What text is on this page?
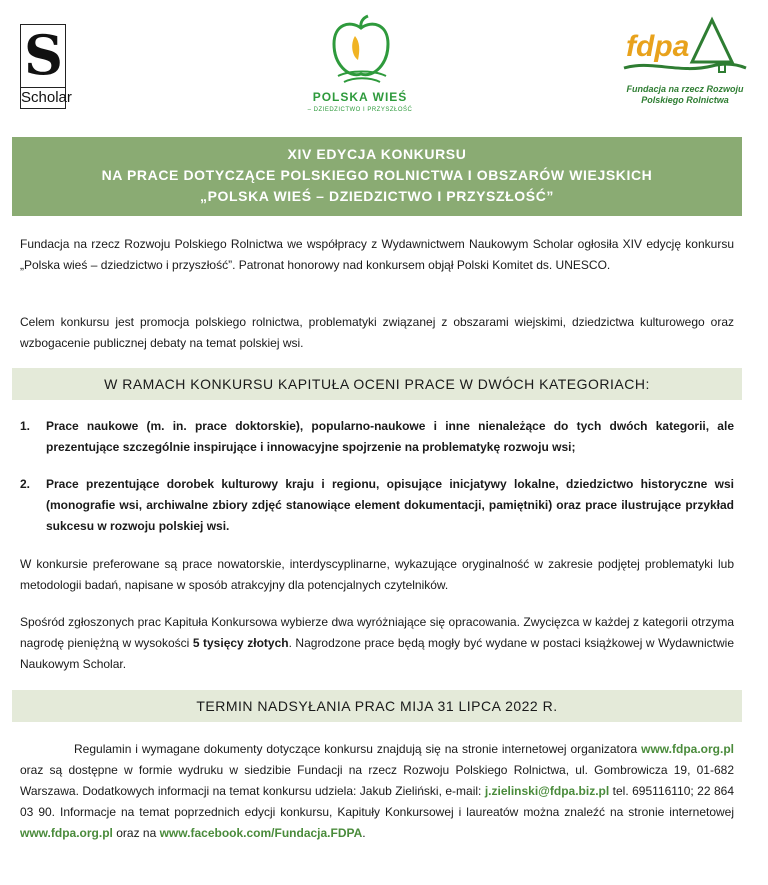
S
Scholar	POLSKA WIEŚ
– DZIEDZICTWO I PRZYSZŁOŚĆ
fdpa
Fundacja na rzecz Rozwoju
Polskiego Rolnictwa
XIV EDYCJA KONKURSU
NA PRACE DOTYCZĄCE POLSKIEGO ROLNICTWA I OBSZARÓW WIEJSKICH
„POLSKA WIEŚ – DZIEDZICTWO I PRZYSZŁOŚĆ”
Fundacja na rzecz Rozwoju Polskiego Rolnictwa we współpracy z Wydawnictwem Naukowym Scholar ogłosiła XIV edycję konkursu „Polska wieś – dziedzictwo i przyszłość”. Patronat honorowy nad konkursem objął Polski Komitet ds. UNESCO.
Celem konkursu jest promocja polskiego rolnictwa, problematyki związanej z obszarami wiejskimi, dziedzictwa kulturowego oraz wzbogacenie publicznej debaty na temat polskiej wsi.
W RAMACH KONKURSU KAPITUŁA OCENI PRACE W DWÓCH KATEGORIACH:
1.	Prace naukowe (m. in. prace doktorskie), popularno-naukowe i inne nienależące do tych dwóch kategorii, ale prezentujące szczególnie inspirujące i innowacyjne spojrzenie na problematykę rozwoju wsi;
2.	Prace prezentujące dorobek kulturowy kraju i regionu, opisujące inicjatywy lokalne, dziedzictwo historyczne wsi (monografie wsi, archiwalne zbiory zdjęć stanowiące element dokumentacji, pamiętniki) oraz prace ilustrujące przykład sukcesu w rozwoju polskiej wsi.
W konkursie preferowane są prace nowatorskie, interdyscyplinarne, wykazujące oryginalność w zakresie podjętej problematyki lub metodologii badań, napisane w sposób atrakcyjny dla potencjalnych czytelników.
Spośród zgłoszonych prac Kapituła Konkursowa wybierze dwa wyróżniające się opracowania. Zwycięzca w każdej z kategorii otrzyma nagrodę pieniężną w wysokości 5 tysięcy złotych. Nagrodzone prace będą mogły być wydane w postaci książkowej w Wydawnictwie Naukowym Scholar.
TERMIN NADSYŁANIA PRAC MIJA 31 LIPCA 2022 R.
Regulamin i wymagane dokumenty dotyczące konkursu znajdują się na stronie internetowej organizatora www.fdpa.org.pl oraz są dostępne w formie wydruku w siedzibie Fundacji na rzecz Rozwoju Polskiego Rolnictwa, ul. Gombrowicza 19, 01-682 Warszawa. Dodatkowych informacji na temat konkursu udziela: Jakub Zieliński, e-mail: j.zielinski@fdpa.biz.pl tel. 695116110; 22 864 03 90. Informacje na temat poprzednich edycji konkursu, Kapituły Konkursowej i laureatów można znaleźć na stronie internetowej www.fdpa.org.pl oraz na www.facebook.com/Fundacja.FDPA.
